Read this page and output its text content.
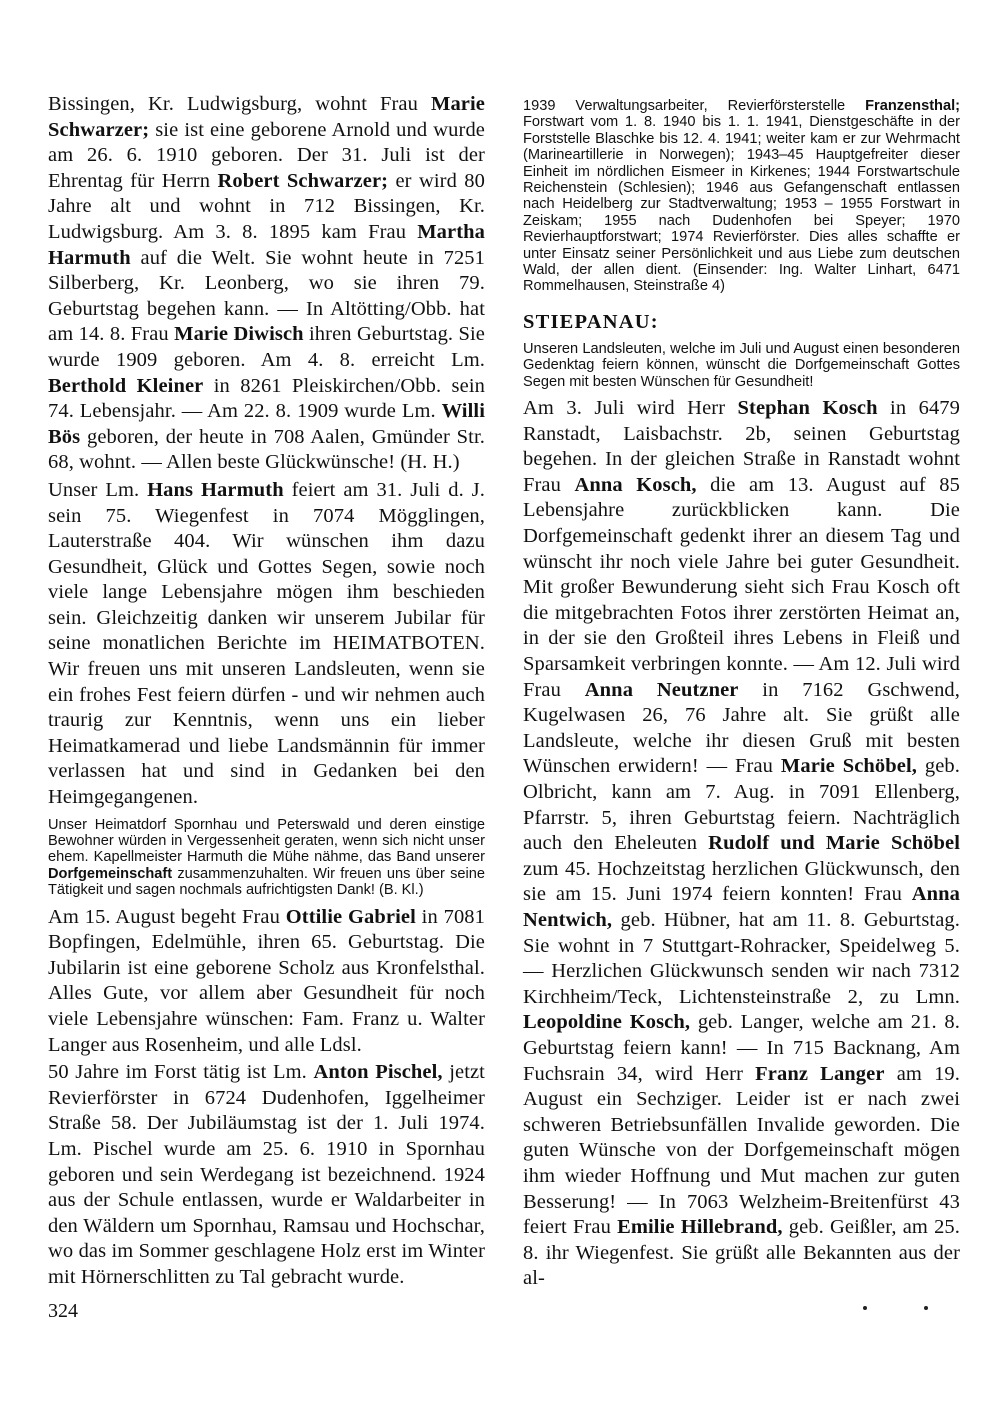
Bissingen, Kr. Ludwigsburg, wohnt Frau Marie Schwarzer; sie ist eine geborene Arnold und wurde am 26. 6. 1910 geboren. Der 31. Juli ist der Ehrentag für Herrn Robert Schwarzer; er wird 80 Jahre alt und wohnt in 712 Bissingen, Kr. Ludwigsburg. Am 3. 8. 1895 kam Frau Martha Harmuth auf die Welt. Sie wohnt heute in 7251 Silberberg, Kr. Leonberg, wo sie ihren 79. Geburtstag begehen kann. — In Altötting/Obb. hat am 14. 8. Frau Marie Diwisch ihren Geburtstag. Sie wurde 1909 geboren. Am 4. 8. erreicht Lm. Berthold Kleiner in 8261 Pleiskirchen/Obb. sein 74. Lebensjahr. — Am 22. 8. 1909 wurde Lm. Willi Bös geboren, der heute in 708 Aalen, Gmünder Str. 68, wohnt. — Allen beste Glückwünsche! (H. H.)
Unser Lm. Hans Harmuth feiert am 31. Juli d. J. sein 75. Wiegenfest in 7074 Mögglingen, Lauterstraße 404. Wir wünschen ihm dazu Gesundheit, Glück und Gottes Segen, sowie noch viele lange Lebensjahre mögen ihm beschieden sein. Gleichzeitig danken wir unserem Jubilar für seine monatlichen Berichte im HEIMATBOTEN. Wir freuen uns mit unseren Landsleuten, wenn sie ein frohes Fest feiern dürfen - und wir nehmen auch traurig zur Kenntnis, wenn uns ein lieber Heimatkamerad und liebe Landsmännin für immer verlassen hat und sind in Gedanken bei den Heimgegangenen.
Unser Heimatdorf Spornhau und Peterswald und deren einstige Bewohner würden in Vergessenheit geraten, wenn sich nicht unser ehem. Kapellmeister Harmuth die Mühe nähme, das Band unserer Dorfgemeinschaft zusammenzuhalten. Wir freuen uns über seine Tätigkeit und sagen nochmals aufrichtigsten Dank! (B. Kl.)
Am 15. August begeht Frau Ottilie Gabriel in 7081 Bopfingen, Edelmühle, ihren 65. Geburtstag. Die Jubilarin ist eine geborene Scholz aus Kronfelsthal. Alles Gute, vor allem aber Gesundheit für noch viele Lebensjahre wünschen: Fam. Franz u. Walter Langer aus Rosenheim, und alle Ldsl.
50 Jahre im Forst tätig ist Lm. Anton Pischel, jetzt Revierförster in 6724 Dudenhofen, Iggelheimer Straße 58. Der Jubiläumstag ist der 1. Juli 1974. Lm. Pischel wurde am 25. 6. 1910 in Spornhau geboren und sein Werdegang ist bezeichnend. 1924 aus der Schule entlassen, wurde er Waldarbeiter in den Wäldern um Spornhau, Ramsau und Hochschar, wo das im Sommer geschlagene Holz erst im Winter mit Hörnerschlitten zu Tal gebracht wurde.
1939 Verwaltungsarbeiter, Revierförsterstelle Franzensthal; Forstwart vom 1. 8. 1940 bis 1. 1. 1941, Dienstgeschäfte in der Forststelle Blaschke bis 12. 4. 1941; weiter kam er zur Wehrmacht (Marineartillerie in Norwegen); 1943–45 Hauptgefreiter dieser Einheit im nördlichen Eismeer in Kirkenes; 1944 Forstwartschule Reichenstein (Schlesien); 1946 aus Gefangenschaft entlassen nach Heidelberg zur Stadtverwaltung; 1953 – 1955 Forstwart in Zeiskam; 1955 nach Dudenhofen bei Speyer; 1970 Revierhauptforstwart; 1974 Revierförster. Dies alles schaffte er unter Einsatz seiner Persönlichkeit und aus Liebe zum deutschen Wald, der allen dient. (Einsender: Ing. Walter Linhart, 6471 Rommelhausen, Steinstraße 4)
STIEPANAU:
Unseren Landsleuten, welche im Juli und August einen besonderen Gedenktag feiern können, wünscht die Dorfgemeinschaft Gottes Segen mit besten Wünschen für Gesundheit!
Am 3. Juli wird Herr Stephan Kosch in 6479 Ranstadt, Laisbachstr. 2b, seinen Geburtstag begehen. In der gleichen Straße in Ranstadt wohnt Frau Anna Kosch, die am 13. August auf 85 Lebensjahre zurückblicken kann. Die Dorfgemeinschaft gedenkt ihrer an diesem Tag und wünscht ihr noch viele Jahre bei guter Gesundheit. Mit großer Bewunderung sieht sich Frau Kosch oft die mitgebrachten Fotos ihrer zerstörten Heimat an, in der sie den Großteil ihres Lebens in Fleiß und Sparsamkeit verbringen konnte. — Am 12. Juli wird Frau Anna Neutzner in 7162 Gschwend, Kugelwasen 26, 76 Jahre alt. Sie grüßt alle Landsleute, welche ihr diesen Gruß mit besten Wünschen erwidern! — Frau Marie Schöbel, geb. Olbricht, kann am 7. Aug. in 7091 Ellenberg, Pfarrstr. 5, ihren Geburtstag feiern. Nachträglich auch den Eheleuten Rudolf und Marie Schöbel zum 45. Hochzeitstag herzlichen Glückwunsch, den sie am 15. Juni 1974 feiern konnten! Frau Anna Nentwich, geb. Hübner, hat am 11. 8. Geburtstag. Sie wohnt in 7 Stuttgart-Rohracker, Speidelweg 5. — Herzlichen Glückwunsch senden wir nach 7312 Kirchheim/Teck, Lichtensteinstraße 2, zu Lmn. Leopoldine Kosch, geb. Langer, welche am 21. 8. Geburtstag feiern kann! — In 715 Backnang, Am Fuchsrain 34, wird Herr Franz Langer am 19. August ein Sechziger. Leider ist er nach zwei schweren Betriebsunfällen Invalide geworden. Die guten Wünsche von der Dorfgemeinschaft mögen ihm wieder Hoffnung und Mut machen zur guten Besserung! — In 7063 Welzheim-Breitenfürst 43 feiert Frau Emilie Hillebrand, geb. Geißler, am 25. 8. ihr Wiegenfest. Sie grüßt alle Bekannten aus der al-
324
